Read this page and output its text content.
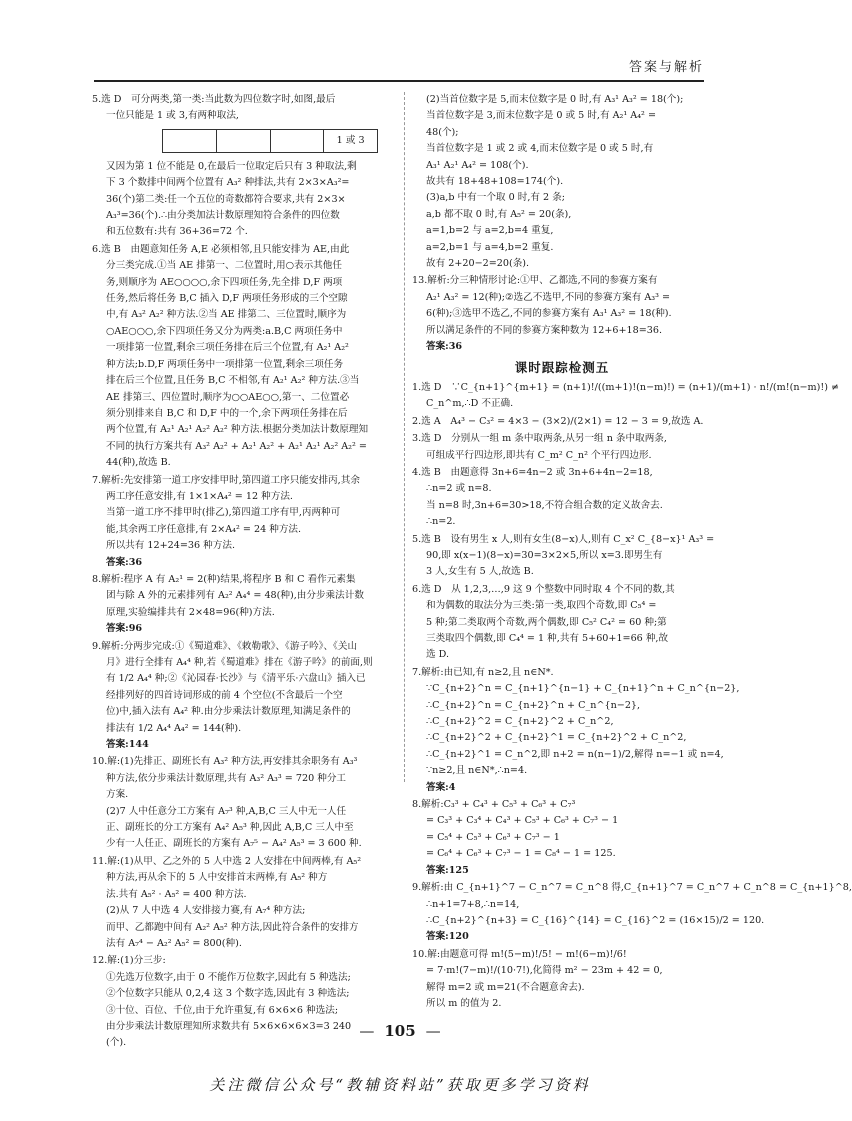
答案与解析
5.选 D　可分两类,第一类:当此数为四位数字时,如图,最后
一位只能是 1 或 3,有两种取法,
1 或 3
又因为第 1 位不能是 0,在最后一位取定后只有 3 种取法,剩
下 3 个数排中间两个位置有 A₃² 种排法,共有 2×3×A₃²=
36(个)第二类:任一个五位的奇数都符合要求,共有 2×3×
A₃³=36(个).∴由分类加法计数原理知符合条件的四位数
和五位数有:共有 36+36=72 个.
6.选 B　由题意知任务 A,E 必须相邻,且只能安排为 AE,由此
分三类完成.①当 AE 排第一、二位置时,用○表示其他任
务,则顺序为 AE○○○○,余下四项任务,先全排 D,F 两项
任务,然后将任务 B,C 插入 D,F 两项任务形成的三个空隙
中,有 A₃² A₂² 种方法.②当 AE 排第二、三位置时,顺序为
○AE○○○,余下四项任务又分为两类:a.B,C 两项任务中
一项排第一位置,剩余三项任务排在后三个位置,有 A₂¹ A₂²
种方法;b.D,F 两项任务中一项排第一位置,剩余三项任务
排在后三个位置,且任务 B,C 不相邻,有 A₂¹ A₂² 种方法.③当
AE 排第三、四位置时,顺序为○○AE○○,第一、二位置必
须分别排来自 B,C 和 D,F 中的一个,余下两项任务排在后
两个位置,有 A₂¹ A₂¹ A₂² A₂² 种方法.根据分类加法计数原理知
不同的执行方案共有 A₃² A₂² + A₂¹ A₂² + A₂¹ A₂¹ A₂² A₂² =
44(种),故选 B.
7.解析:先安排第一道工序安排甲时,第四道工序只能安排丙,其余
两工序任意安排,有 1×1×A₄² = 12 种方法.
当第一道工序不排甲时(排乙),第四道工序有甲,丙两种可
能,其余两工序任意排,有 2×A₄² = 24 种方法.
所以共有 12+24=36 种方法.
答案:36
8.解析:程序 A 有 A₂¹ = 2(种)结果,将程序 B 和 C 看作元素集
团与除 A 外的元素排列有 A₂² A₄⁴ = 48(种),由分步乘法计数
原理,实验编排共有 2×48=96(种)方法.
答案:96
9.解析:分两步完成:①《蜀道难》、《敕勒歌》、《游子吟》、《关山
月》进行全排有 A₄⁴ 种,若《蜀道难》排在《游子吟》的前面,则
有 1/2 A₄⁴ 种;②《沁园春·长沙》与《清平乐·六盘山》插入已
经排列好的四首诗词形成的前 4 个空位(不含最后一个空
位)中,插入法有 A₄² 种.由分步乘法计数原理,知满足条件的
排法有 1/2 A₄⁴ A₄² = 144(种).
答案:144
10.解:(1)先排正、副班长有 A₃² 种方法,再安排其余职务有 A₃³
种方法,依分步乘法计数原理,共有 A₃² A₃³ = 720 种分工
方案.
(2)7 人中任意分工方案有 A₇³ 种,A,B,C 三人中无一人任
正、副班长的分工方案有 A₄² A₅³ 种,因此 A,B,C 三人中至
少有一人任正、副班长的方案有 A₇⁵ − A₄² A₅³ = 3 600 种.
11.解:(1)从甲、乙之外的 5 人中选 2 人安排在中间两棒,有 A₅²
种方法,再从余下的 5 人中安排首末两棒,有 A₅² 种方
法.共有 A₅² · A₅² = 400 种方法.
(2)从 7 人中选 4 人安排接力赛,有 A₇⁴ 种方法;
而甲、乙都跑中间有 A₂² A₅² 种方法,因此符合条件的安排方
法有 A₇⁴ − A₂² A₅² = 800(种).
12.解:(1)分三步:
①先选万位数字,由于 0 不能作万位数字,因此有 5 种选法;
②个位数字只能从 0,2,4 这 3 个数字选,因此有 3 种选法;
③十位、百位、千位,由于允许重复,有 6×6×6 种选法;
由分步乘法计数原理知所求数共有 5×6×6×6×3=3 240
(个).
(2)当首位数字是 5,而末位数字是 0 时,有 A₃¹ A₃² = 18(个);
当首位数字是 3,而末位数字是 0 或 5 时,有 A₂¹ A₄² =
48(个);
当首位数字是 1 或 2 或 4,而末位数字是 0 或 5 时,有
A₃¹ A₂¹ A₄² = 108(个).
故共有 18+48+108=174(个).
(3)a,b 中有一个取 0 时,有 2 条;
a,b 都不取 0 时,有 A₅² = 20(条),
a=1,b=2 与 a=2,b=4 重复,
a=2,b=1 与 a=4,b=2 重复.
故有 2+20−2=20(条).
13.解析:分三种情形讨论:①甲、乙都选,不同的参赛方案有
A₂¹ A₃² = 12(种);②选乙不选甲,不同的参赛方案有 A₃³ =
6(种);③选甲不选乙,不同的参赛方案有 A₃¹ A₃² = 18(种).
所以满足条件的不同的参赛方案种数为 12+6+18=36.
答案:36
课时跟踪检测五
1.选 D　∵C_{n+1}^{m+1} = (n+1)!/((m+1)!(n−m)!) = (n+1)/(m+1) · n!/(m!(n−m)!) ≠
C_n^m,∴D 不正确.
2.选 A　A₄³ − C₃² = 4×3 − (3×2)/(2×1) = 12 − 3 = 9,故选 A.
3.选 D　分别从一组 m 条中取两条,从另一组 n 条中取两条,
可组成平行四边形,即共有 C_m² C_n² 个平行四边形.
4.选 B　由题意得 3n+6=4n−2 或 3n+6+4n−2=18,
∴n=2 或 n=8.
当 n=8 时,3n+6=30>18,不符合组合数的定义故舍去.
∴n=2.
5.选 B　设有男生 x 人,则有女生(8−x)人,则有 C_x² C_{8−x}¹ A₃³ =
90,即 x(x−1)(8−x)=30=3×2×5,所以 x=3.即男生有
3 人,女生有 5 人,故选 B.
6.选 D　从 1,2,3,…,9 这 9 个整数中同时取 4 个不同的数,其
和为偶数的取法分为三类:第一类,取四个奇数,即 C₅⁴ =
5 种;第二类取两个奇数,两个偶数,即 C₅² C₄² = 60 种;第
三类取四个偶数,即 C₄⁴ = 1 种,共有 5+60+1=66 种,故
选 D.
7.解析:由已知,有 n≥2,且 n∈N*.
∵C_{n+2}^n = C_{n+1}^{n−1} + C_{n+1}^n + C_n^{n−2},
∴C_{n+2}^n = C_{n+2}^n + C_n^{n−2},
∴C_{n+2}^2 = C_{n+2}^2 + C_n^2,
∴C_{n+2}^2 + C_{n+2}^1 = C_{n+2}^2 + C_n^2,
∴C_{n+2}^1 = C_n^2,即 n+2 = n(n−1)/2,解得 n=−1 或 n=4,
∵n≥2,且 n∈N*,∴n=4.
答案:4
8.解析:C₃³ + C₄³ + C₅³ + C₆³ + C₇³
= C₃³ + C₃⁴ + C₄³ + C₅³ + C₆³ + C₇³ − 1
= C₅⁴ + C₅³ + C₆³ + C₇³ − 1
= C₆⁴ + C₆³ + C₇³ − 1 = C₈⁴ − 1 = 125.
答案:125
9.解析:由 C_{n+1}^7 − C_n^7 = C_n^8 得,C_{n+1}^7 = C_n^7 + C_n^8 = C_{n+1}^8,
∴n+1=7+8,∴n=14,
∴C_{n+2}^{n+3} = C_{16}^{14} = C_{16}^2 = (16×15)/2 = 120.
答案:120
10.解:由题意可得 m!(5−m)!/5! − m!(6−m)!/6!
= 7·m!(7−m)!/(10·7!),化简得 m² − 23m + 42 = 0,
解得 m=2 或 m=21(不合题意舍去).
所以 m 的值为 2.
— 105 —
关注微信公众号“教辅资料站”获取更多学习资料
